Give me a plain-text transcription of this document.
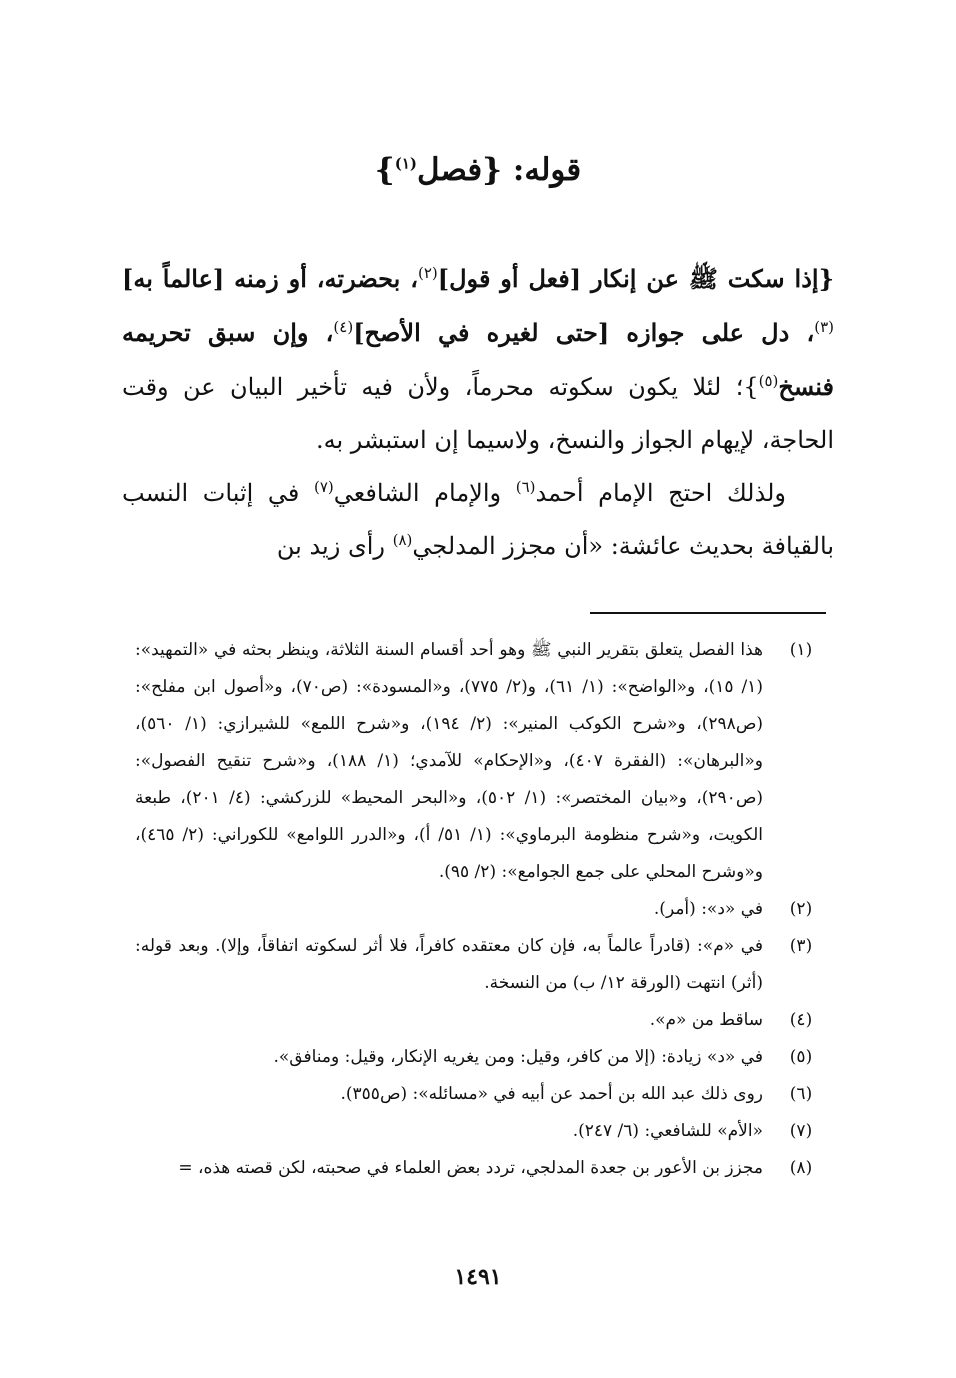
قوله: {فصل$^{(١)}$}

{إذا سكت ﷺ عن إنكار [فعل أو قول]$^{(٢)}$، بحضرته، أو زمنه [عالماً به]$^{(٣)}$، دل على جوازه [حتى لغيره في الأصح]$^{(٤)}$، وإن سبق تحريمه فنسخ$^{(٥)}$}؛ لئلا يكون سكوته محرماً، ولأن فيه تأخير البيان عن وقت الحاجة، لإيهام الجواز والنسخ، ولاسيما إن استبشر به.

ولذلك احتج الإمام أحمد$^{(٦)}$ والإمام الشافعي$^{(٧)}$ في إثبات النسب بالقيافة بحديث عائشة: «أن مجزز المدلجي$^{(٨)}$ رأى زيد بن

(١)
هذا الفصل يتعلق بتقرير النبي ﷺ وهو أحد أقسام السنة الثلاثة، وينظر بحثه في «التمهيد»: (١/ ١٥)، و«الواضح»: (١/ ٦١)، و(٢/ ٧٧٥)، و«المسودة»: (ص٧٠)، و«أصول ابن مفلح»: (ص٢٩٨)، و«شرح الكوكب المنير»: (٢/ ١٩٤)، و«شرح اللمع» للشيرازي: (١/ ٥٦٠)، و«البرهان»: (الفقرة ٤٠٧)، و«الإحكام» للآمدي؛ (١/ ١٨٨)، و«شرح تنقيح الفصول»: (ص٢٩٠)، و«بيان المختصر»: (١/ ٥٠٢)، و«البحر المحيط» للزركشي: (٤/ ٢٠١)، طبعة الكويت، و«شرح منظومة البرماوي»: (١/ ٥١/ أ)، و«الدرر اللوامع» للكوراني: (٢/ ٤٦٥)، و«وشرح المحلي على جمع الجوامع»: (٢/ ٩٥).
(٢)
في «د»: (أمر).
(٣)
في «م»: (قادراً عالماً به، فإن كان معتقده كافراً، فلا أثر لسكوته اتفاقاً، وإلا). وبعد قوله: (أثر) انتهت (الورقة ١٢/ ب) من النسخة.
(٤)
ساقط من «م».
(٥)
في «د» زيادة: (إلا من كافر، وقيل: ومن يغريه الإنكار، وقيل: ومنافق».
(٦)
روى ذلك عبد الله بن أحمد عن أبيه في «مسائله»: (ص٣٥٥).
(٧)
«الأم» للشافعي: (٦/ ٢٤٧).
(٨)
مجزز بن الأعور بن جعدة المدلجي، تردد بعض العلماء في صحبته، لكن قصته هذه، =
١٤٩١
